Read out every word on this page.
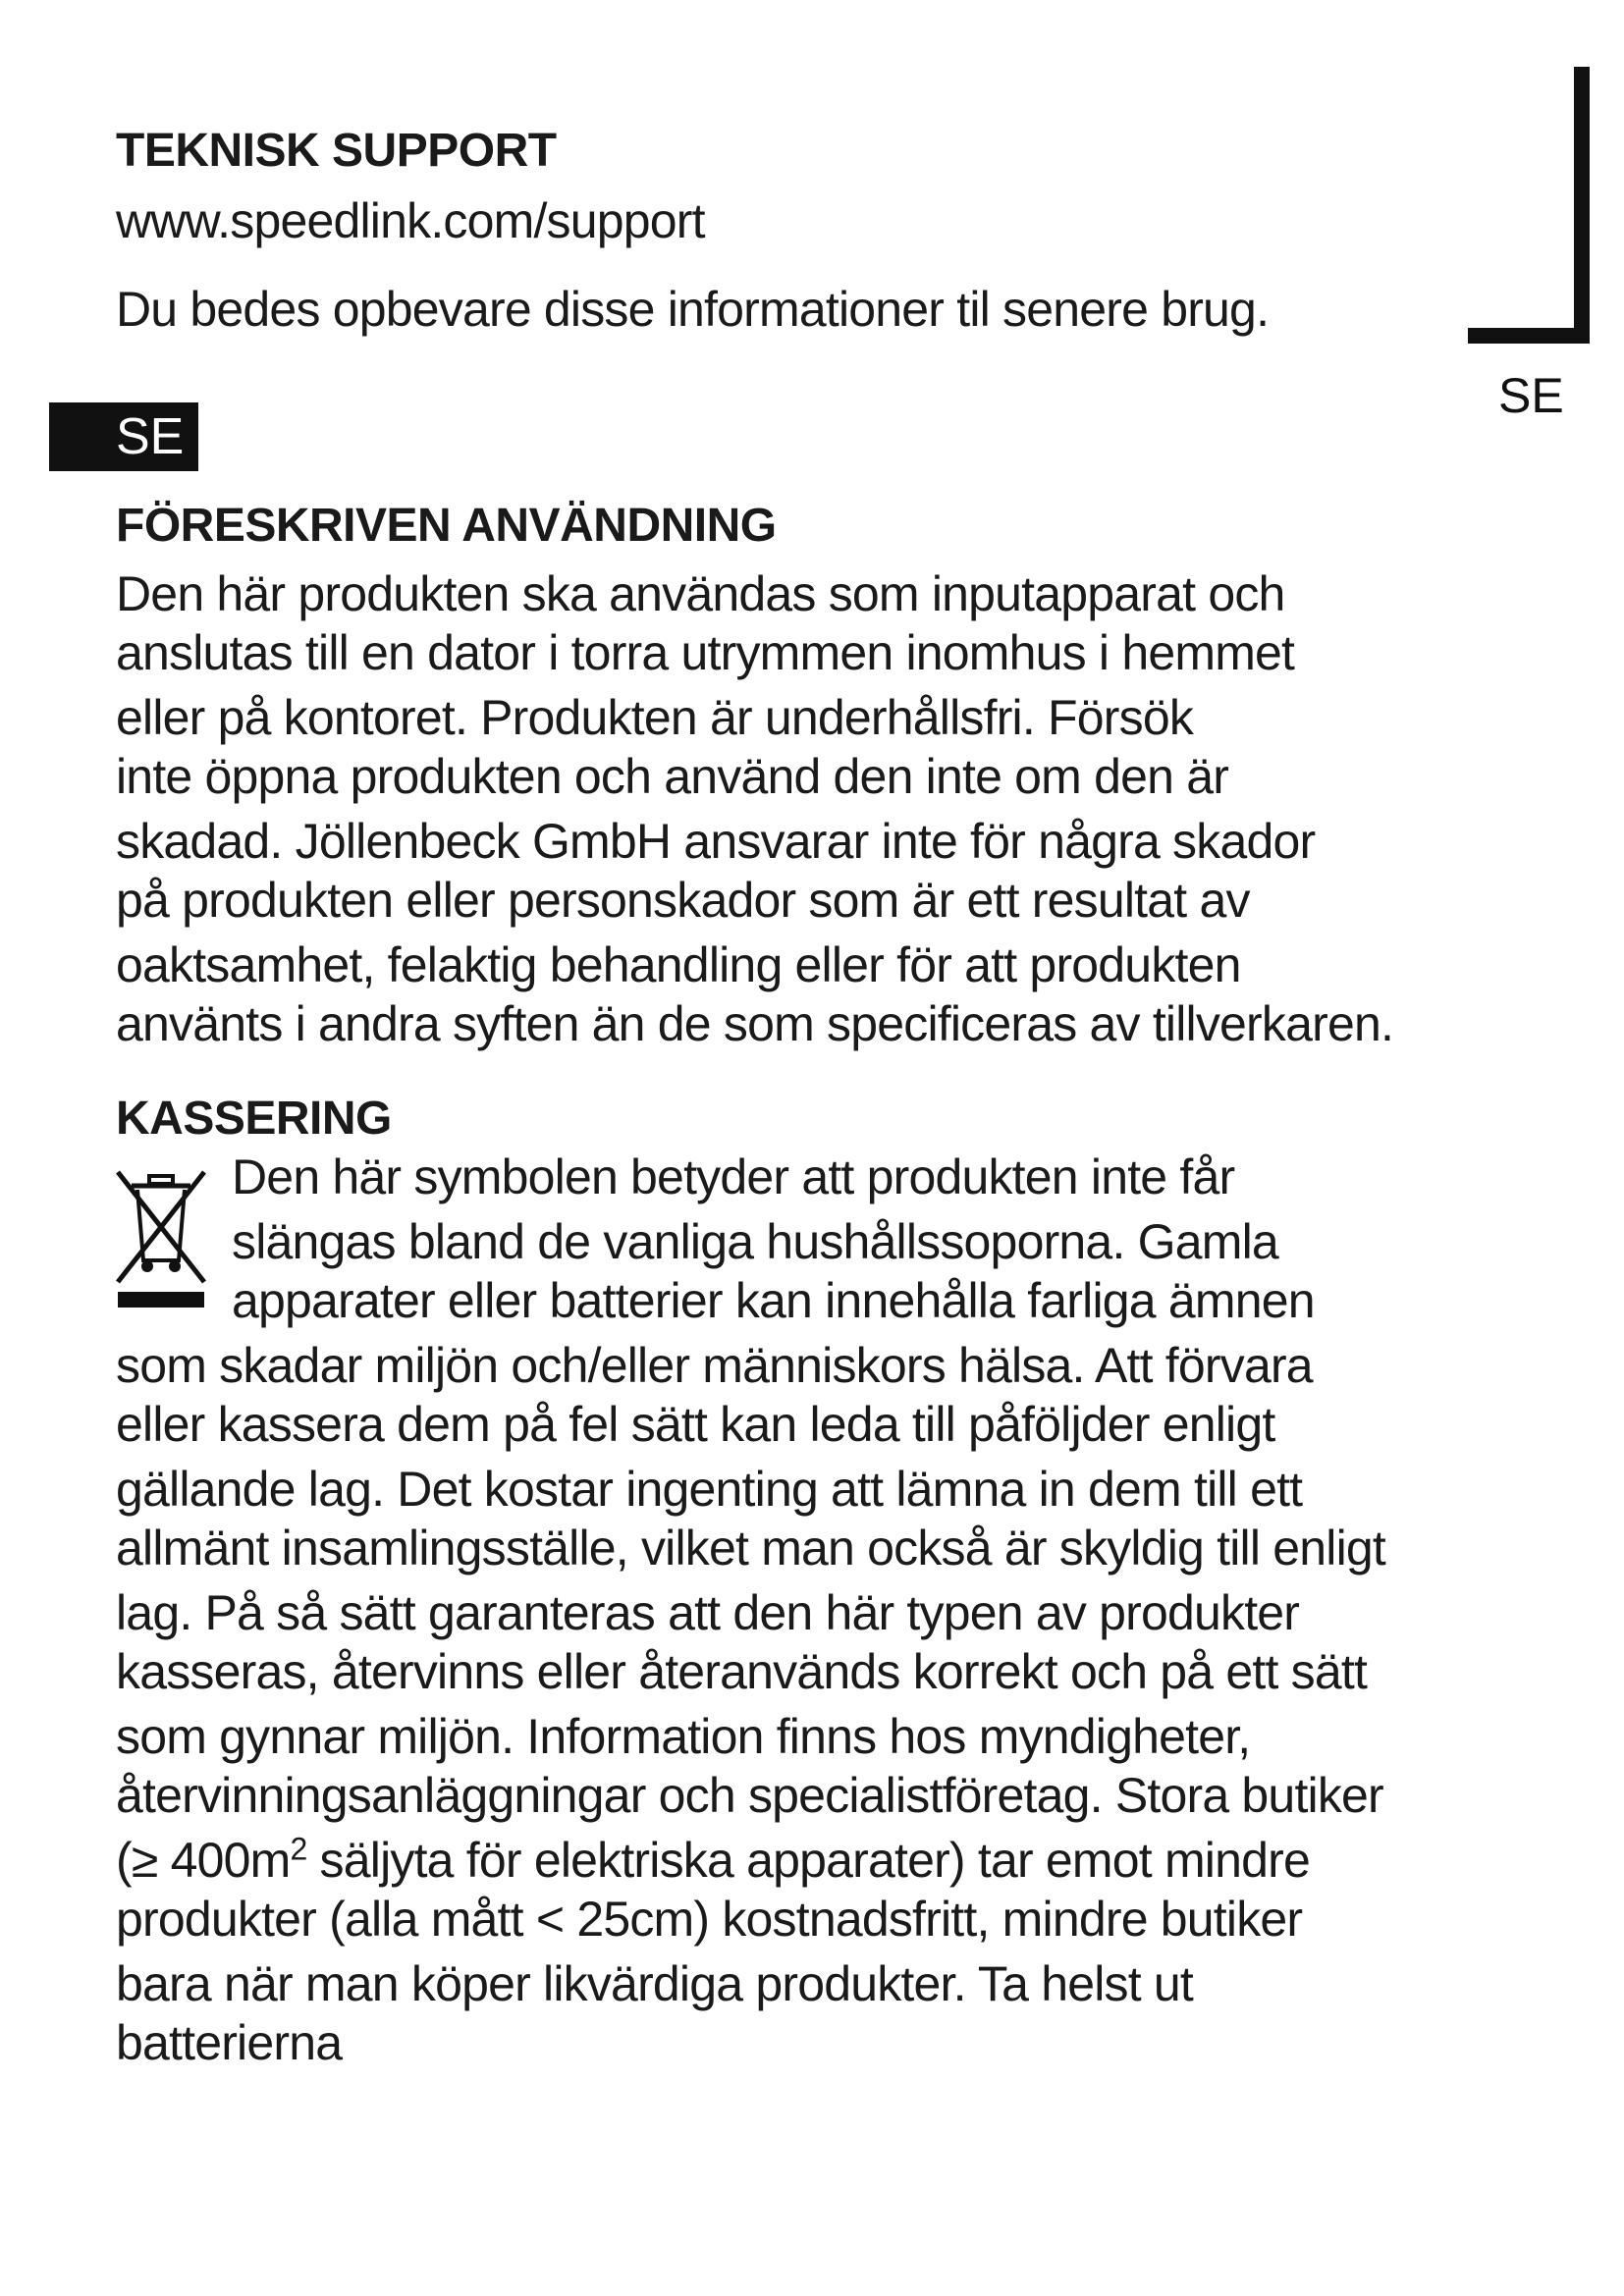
SE
TEKNISK SUPPORT

www.speedlink.com/support

Du bedes opbevare disse informationer til senere brug.

SE
FÖRESKRIVEN ANVÄNDNING

Den här produkten ska användas som inputapparat och

anslutas till en dator i torra utrymmen inomhus i hemmet

eller på kontoret. Produkten är underhållsfri. Försök

inte öppna produkten och använd den inte om den är

skadad. Jöllenbeck GmbH ansvarar inte för några skador

på produkten eller personskador som är ett resultat av

oaktsamhet, felaktig behandling eller för att produkten

använts i andra syften än de som specificeras av tillverkaren.

KASSERING

Den här symbolen betyder att produkten inte får

slängas bland de vanliga hushållssoporna. Gamla

apparater eller batterier kan innehålla farliga ämnen

som skadar miljön och/eller människors hälsa. Att förvara

eller kassera dem på fel sätt kan leda till påföljder enligt

gällande lag. Det kostar ingenting att lämna in dem till ett

allmänt insamlingsställe, vilket man också är skyldig till enligt

lag. På så sätt garanteras att den här typen av produkter

kasseras, återvinns eller återanvänds korrekt och på ett sätt

som gynnar miljön. Information finns hos myndigheter,

återvinningsanläggningar och specialistföretag. Stora butiker

(≥ $400m^2$ säljyta för elektriska apparater) tar emot mindre

produkter (alla mått < 25cm) kostnadsfritt, mindre butiker

bara när man köper likvärdiga produkter. Ta helst ut

batterierna
